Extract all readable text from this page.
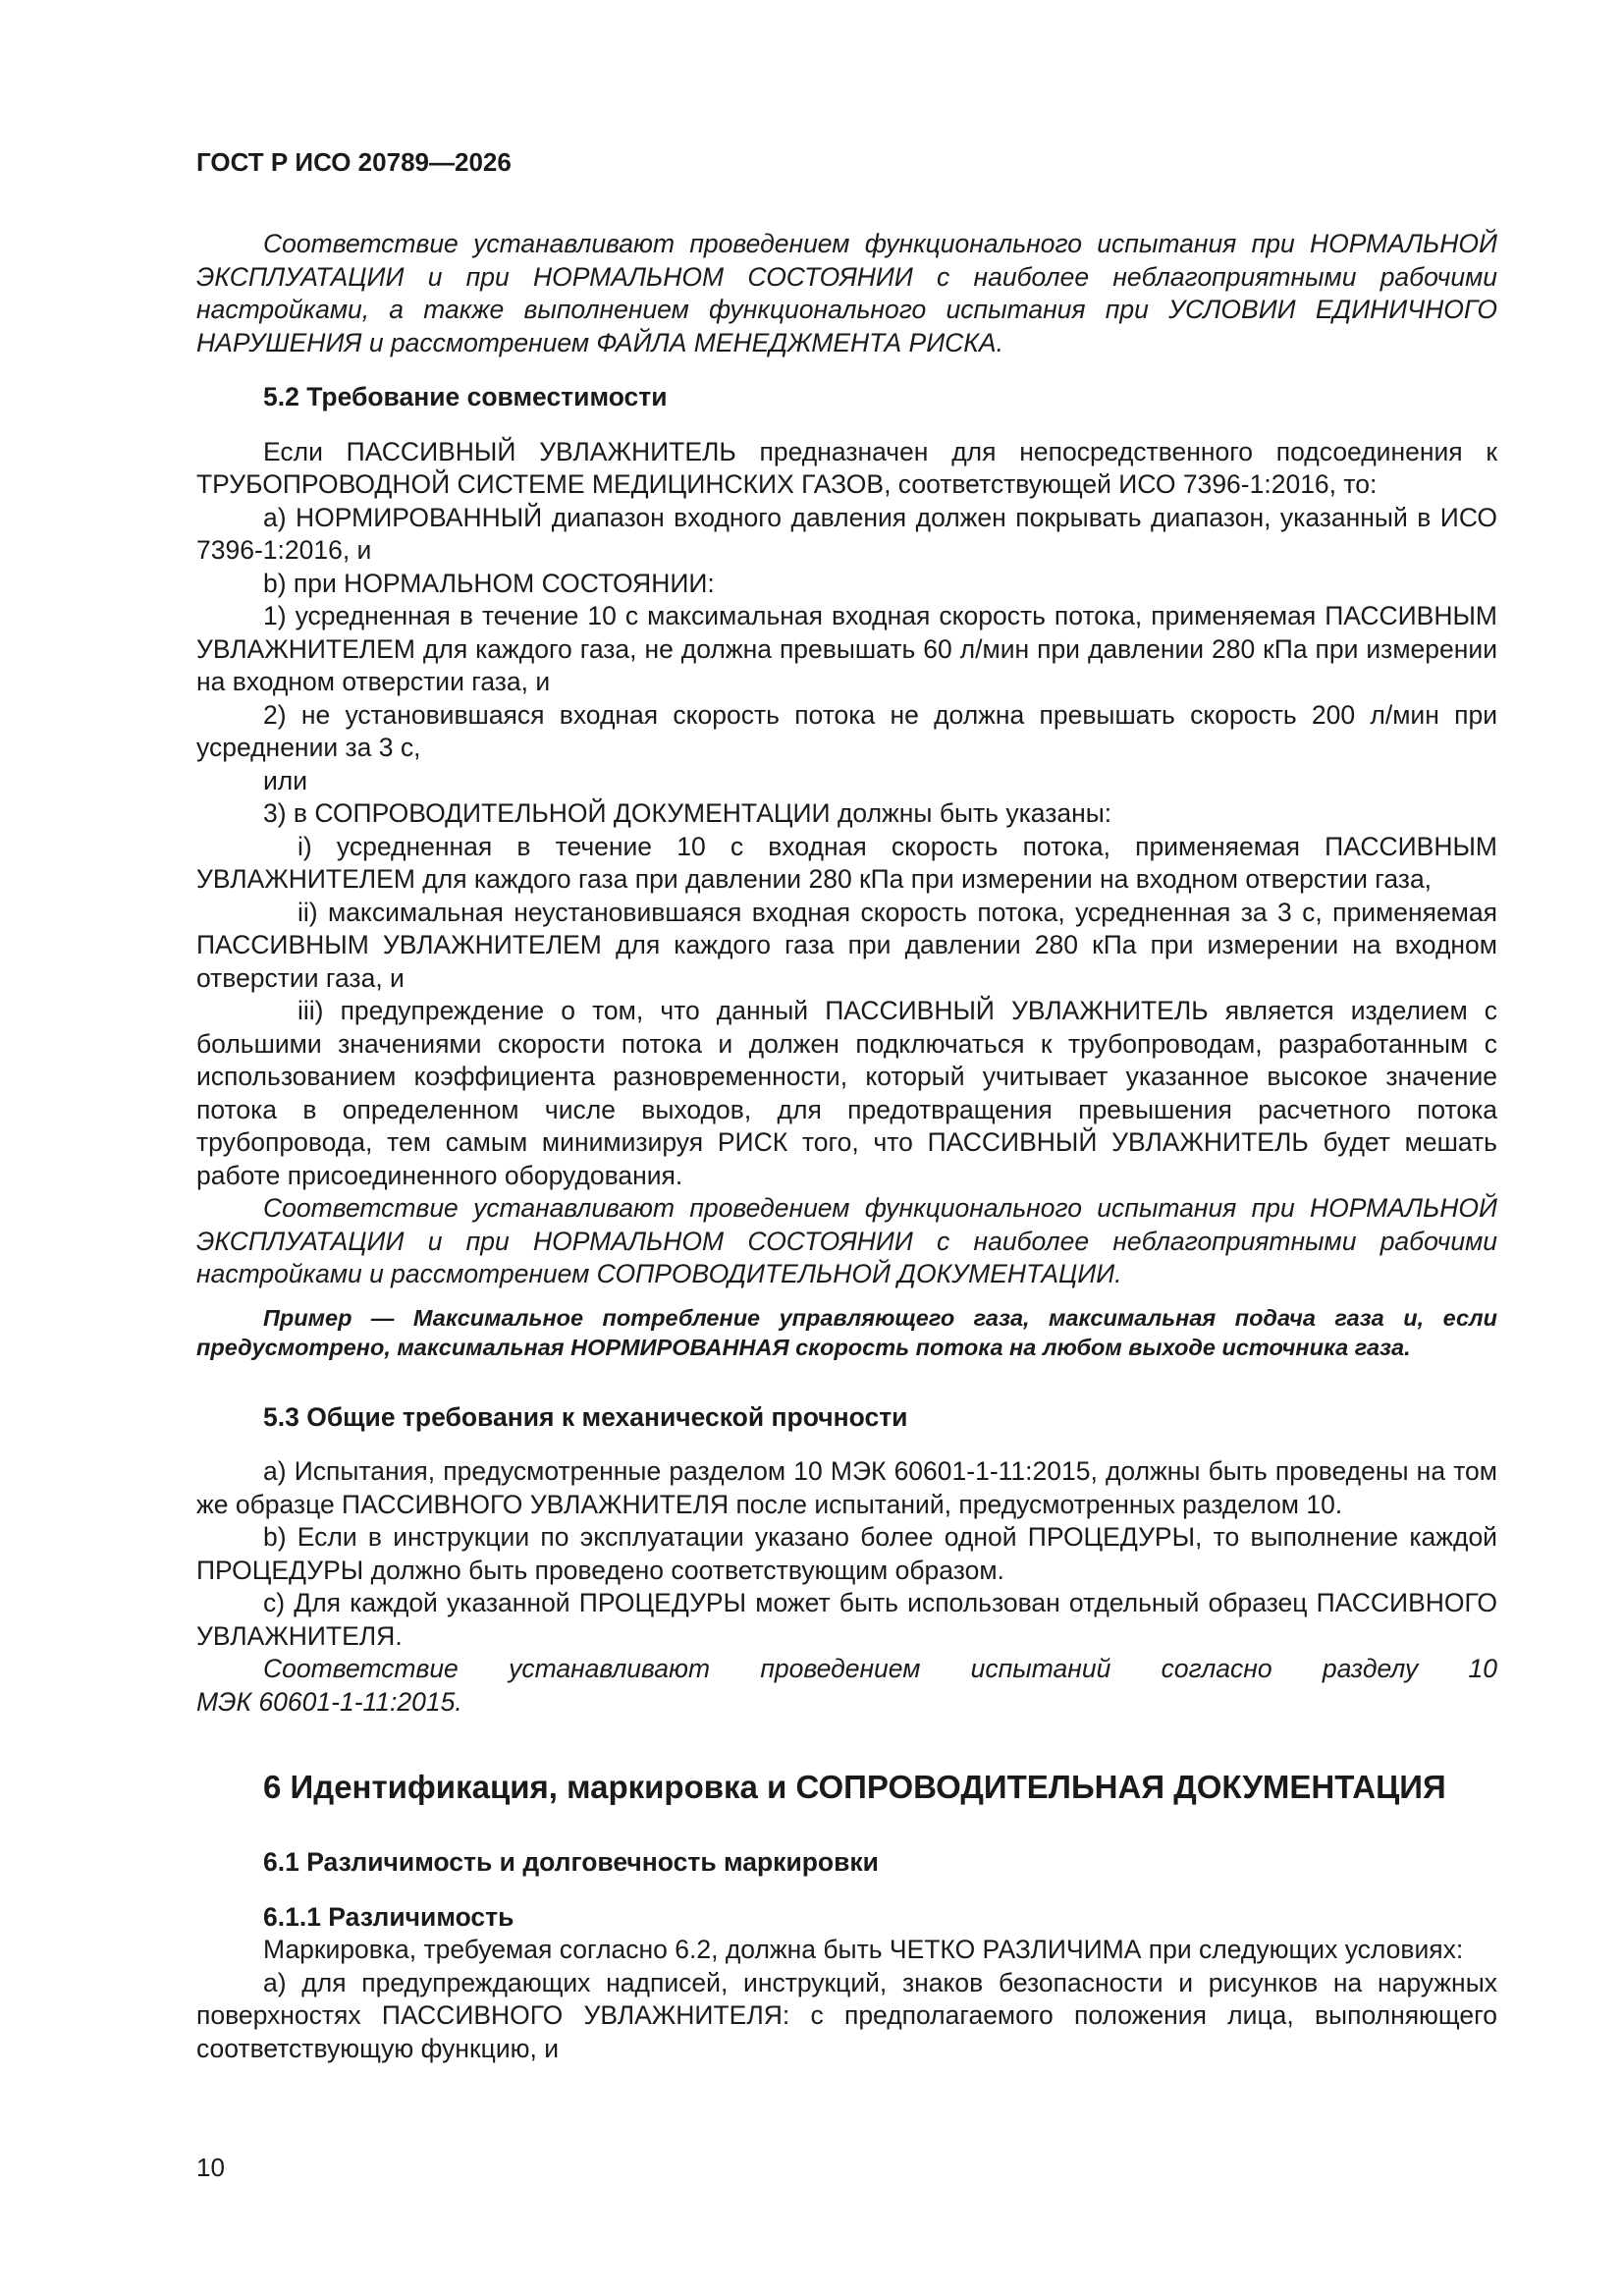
ГОСТ Р ИСО 20789—2026

Соответствие устанавливают проведением функционального испытания при НОРМАЛЬНОЙ ЭКСПЛУАТАЦИИ и при НОРМАЛЬНОМ СОСТОЯНИИ с наиболее неблагоприятными рабочими настройками, а также выполнением функционального испытания при УСЛОВИИ ЕДИНИЧНОГО НАРУШЕНИЯ и рассмотрением ФАЙЛА МЕНЕДЖМЕНТА РИСКА.

5.2 Требование совместимости

Если ПАССИВНЫЙ УВЛАЖНИТЕЛЬ предназначен для непосредственного подсоединения к ТРУБОПРОВОДНОЙ СИСТЕМЕ МЕДИЦИНСКИХ ГАЗОВ, соответствующей ИСО 7396-1:2016, то:

a) НОРМИРОВАННЫЙ диапазон входного давления должен покрывать диапазон, указанный в ИСО 7396-1:2016, и

b) при НОРМАЛЬНОМ СОСТОЯНИИ:

1) усредненная в течение 10 с максимальная входная скорость потока, применяемая ПАССИВНЫМ УВЛАЖНИТЕЛЕМ для каждого газа, не должна превышать 60 л/мин при давлении 280 кПа при измерении на входном отверстии газа, и

2) не установившаяся входная скорость потока не должна превышать скорость 200 л/мин при усреднении за 3 с,

или

3) в СОПРОВОДИТЕЛЬНОЙ ДОКУМЕНТАЦИИ должны быть указаны:

i) усредненная в течение 10 с входная скорость потока, применяемая ПАССИВНЫМ УВЛАЖНИТЕЛЕМ для каждого газа при давлении 280 кПа при измерении на входном отверстии газа,

ii) максимальная неустановившаяся входная скорость потока, усредненная за 3 с, применяемая ПАССИВНЫМ УВЛАЖНИТЕЛЕМ для каждого газа при давлении 280 кПа при измерении на входном отверстии газа, и

iii) предупреждение о том, что данный ПАССИВНЫЙ УВЛАЖНИТЕЛЬ является изделием с большими значениями скорости потока и должен подключаться к трубопроводам, разработанным с использованием коэффициента разновременности, который учитывает указанное высокое значение потока в определенном числе выходов, для предотвращения превышения расчетного потока трубопровода, тем самым минимизируя РИСК того, что ПАССИВНЫЙ УВЛАЖНИТЕЛЬ будет мешать работе присоединенного оборудования.

Соответствие устанавливают проведением функционального испытания при НОРМАЛЬНОЙ ЭКСПЛУАТАЦИИ и при НОРМАЛЬНОМ СОСТОЯНИИ с наиболее неблагоприятными рабочими настройками и рассмотрением СОПРОВОДИТЕЛЬНОЙ ДОКУМЕНТАЦИИ.

Пример — Максимальное потребление управляющего газа, максимальная подача газа и, если предусмотрено, максимальная НОРМИРОВАННАЯ скорость потока на любом выходе источника газа.

5.3 Общие требования к механической прочности

a) Испытания, предусмотренные разделом 10 МЭК 60601-1-11:2015, должны быть проведены на том же образце ПАССИВНОГО УВЛАЖНИТЕЛЯ после испытаний, предусмотренных разделом 10.

b) Если в инструкции по эксплуатации указано более одной ПРОЦЕДУРЫ, то выполнение каждой ПРОЦЕДУРЫ должно быть проведено соответствующим образом.

c) Для каждой указанной ПРОЦЕДУРЫ может быть использован отдельный образец ПАССИВНОГО УВЛАЖНИТЕЛЯ.

Соответствие устанавливают проведением испытаний согласно разделу 10

МЭК 60601-1-11:2015.

6 Идентификация, маркировка и СОПРОВОДИТЕЛЬНАЯ ДОКУМЕНТАЦИЯ

6.1 Различимость и долговечность маркировки

6.1.1 Различимость

Маркировка, требуемая согласно 6.2, должна быть ЧЕТКО РАЗЛИЧИМА при следующих условиях:

a) для предупреждающих надписей, инструкций, знаков безопасности и рисунков на наружных поверхностях ПАССИВНОГО УВЛАЖНИТЕЛЯ: с предполагаемого положения лица, выполняющего соответствующую функцию, и

10
